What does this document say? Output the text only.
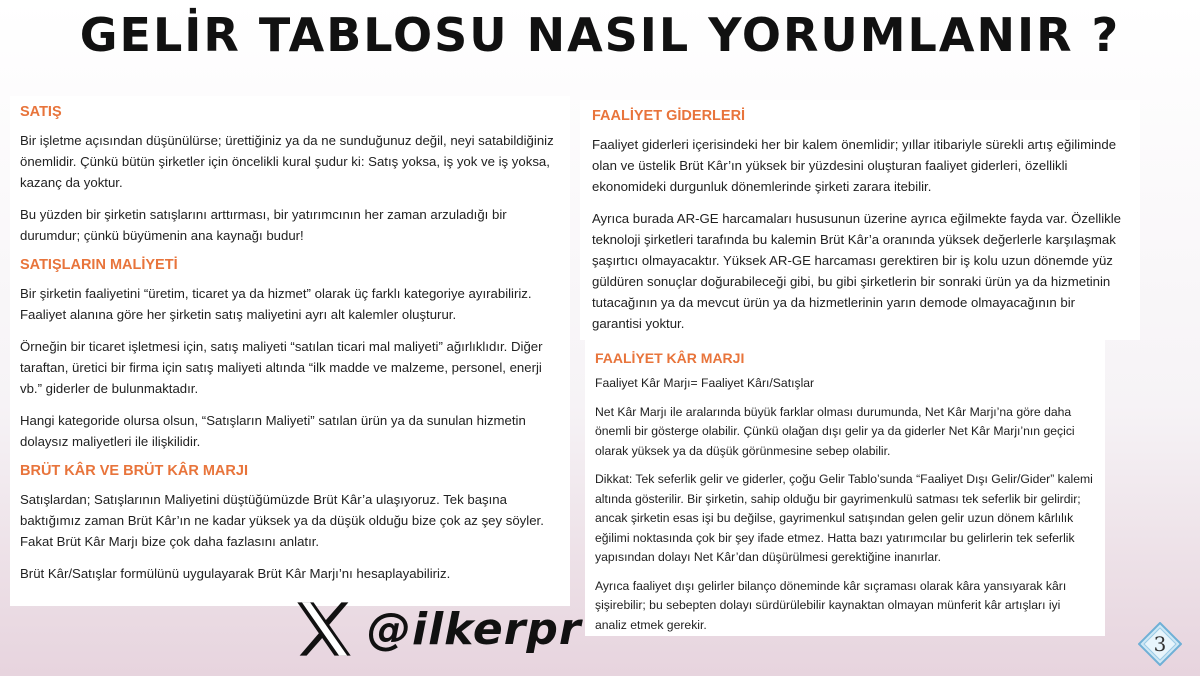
GELİR TABLOSU NASIL YORUMLANIR ?
SATIŞ

Bir işletme açısından düşünülürse; ürettiğiniz ya da ne sunduğunuz değil, neyi satabildiğiniz önemlidir. Çünkü bütün şirketler için öncelikli kural şudur ki: Satış yoksa, iş yok ve iş yoksa, kazanç da yoktur.

Bu yüzden bir şirketin satışlarını arttırması, bir yatırımcının her zaman arzuladığı bir durumdur; çünkü büyümenin ana kaynağı budur!

SATIŞLARIN MALİYETİ

Bir şirketin faaliyetini “üretim, ticaret ya da hizmet” olarak üç farklı kategoriye ayırabiliriz. Faaliyet alanına göre her şirketin satış maliyetini ayrı alt kalemler oluşturur.

Örneğin bir ticaret işletmesi için, satış maliyeti “satılan ticari mal maliyeti” ağırlıklıdır. Diğer taraftan, üretici bir firma için satış maliyeti altında “ilk madde ve malzeme, personel, enerji vb.” giderler de bulunmaktadır.

Hangi kategoride olursa olsun, “Satışların Maliyeti” satılan ürün ya da sunulan hizmetin dolaysız maliyetleri ile ilişkilidir.

BRÜT KÂR VE BRÜT KÂR MARJI

Satışlardan; Satışlarının Maliyetini düştüğümüzde Brüt Kâr’a ulaşıyoruz. Tek başına baktığımız zaman Brüt Kâr’ın ne kadar yüksek ya da düşük olduğu bize çok az şey söyler. Fakat Brüt Kâr Marjı bize çok daha fazlasını anlatır.

Brüt Kâr/Satışlar formülünü uygulayarak Brüt Kâr Marjı’nı hesaplayabiliriz.

FAALİYET GİDERLERİ

Faaliyet giderleri içerisindeki her bir kalem önemlidir; yıllar itibariyle sürekli artış eğiliminde olan ve üstelik Brüt Kâr’ın yüksek bir yüzdesini oluşturan faaliyet giderleri, özellikli ekonomideki durgunluk dönemlerinde şirketi zarara itebilir.

Ayrıca burada AR-GE harcamaları hususunun üzerine ayrıca eğilmekte fayda var. Özellikle teknoloji şirketleri tarafında bu kalemin Brüt Kâr’a oranında yüksek değerlerle karşılaşmak şaşırtıcı olmayacaktır. Yüksek AR-GE harcaması gerektiren bir iş kolu uzun dönemde yüz güldüren sonuçlar doğurabileceği gibi, bu gibi şirketlerin bir sonraki ürün ya da hizmetinin tutacağının ya da mevcut ürün ya da hizmetlerinin yarın demode olmayacağının bir garantisi yoktur.

FAALİYET KÂR MARJI

Faaliyet Kâr Marjı= Faaliyet Kârı/Satışlar

Net Kâr Marjı ile aralarında büyük farklar olması durumunda, Net Kâr Marjı’na göre daha önemli bir gösterge olabilir. Çünkü olağan dışı gelir ya da giderler Net Kâr Marjı’nın geçici olarak yüksek ya da düşük görünmesine sebep olabilir.

Dikkat: Tek seferlik gelir ve giderler, çoğu Gelir Tablo’sunda “Faaliyet Dışı Gelir/Gider” kalemi altında gösterilir. Bir şirketin, sahip olduğu bir gayrimenkulü satması tek seferlik bir gelirdir; ancak şirketin esas işi bu değilse, gayrimenkul satışından gelen gelir uzun dönem kârlılık eğilimi noktasında çok bir şey ifade etmez. Hatta bazı yatırımcılar bu gelirlerin tek seferlik yapısından dolayı Net Kâr’dan düşürülmesi gerektiğine inanırlar.

Ayrıca faaliyet dışı gelirler bilanço döneminde kâr sıçraması olarak kâra yansıyarak kârı şişirebilir; bu sebepten dolayı sürdürülebilir kaynaktan olmayan münferit kâr artışları iyi analiz etmek gerekir.

@ilkerpr	3
